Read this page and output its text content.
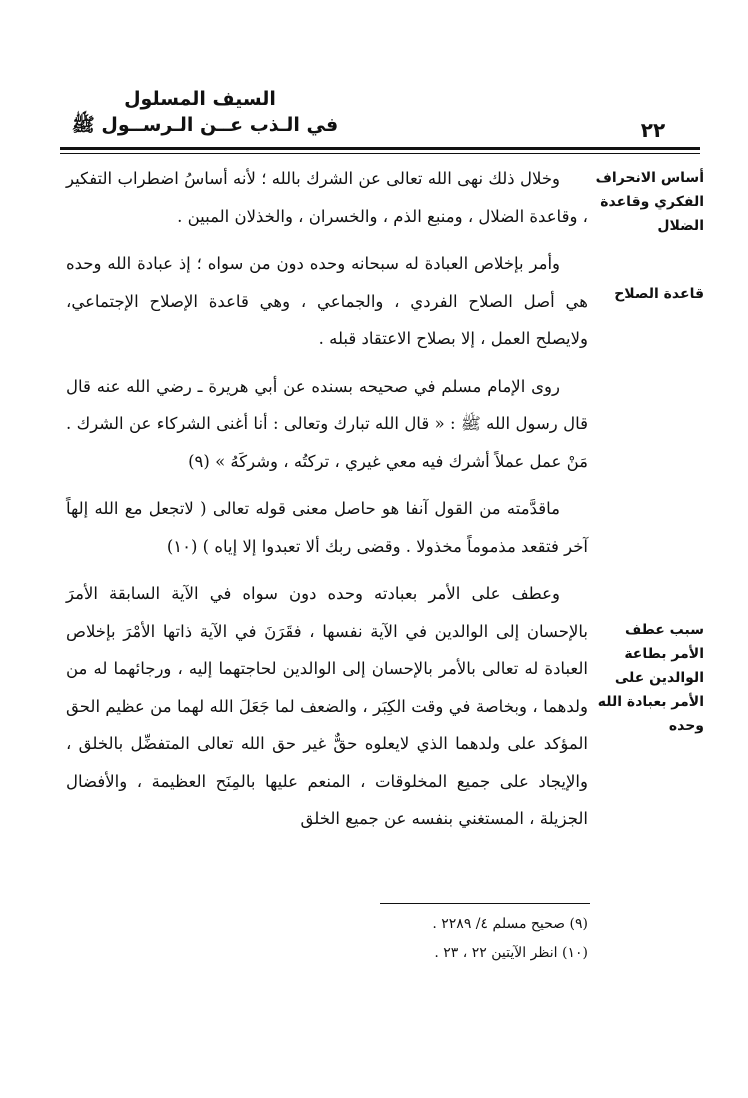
السيف المسلول
في الـذب عــن الـرســول ﷺ	٢٢
أساس الانحراف الفكري وقاعدة الضلال
قاعدة الصلاح
سبب عطف الأمر بطاعة الوالدين على الأمر بعبادة الله وحده

وخلال ذلك نهى الله تعالى عن الشرك بالله ؛ لأنه أساسُ اضطراب التفكير ، وقاعدة الضلال ، ومنبع الذم ، والخسران ، والخذلان المبين .

وأمر بإخلاص العبادة له سبحانه وحده دون من سواه ؛ إذ عبادة الله وحده هي أصل الصلاح الفردي ، والجماعي ، وهي قاعدة الإصلاح الإجتماعي، ولايصلح العمل ، إلا بصلاح الاعتقاد قبله .

روى الإمام مسلم في صحيحه بسنده عن أبي هريرة ـ رضي الله عنه قال قال رسول الله ﷺ : « قال الله تبارك وتعالى : أنا أغنى الشركاء عن الشرك . مَنْ عمل عملاً أشرك فيه معي غيري ، تركتُه ، وشركَهُ » (٩)

ماقدَّمته من القول آنفا هو حاصل معنى قوله تعالى ( لاتجعل مع الله إلهاً آخر فتقعد مذموماً مخذولا . وقضى ربك ألا تعبدوا إلا إياه ) (١٠)

وعطف على الأمر بعبادته وحده دون سواه في الآية السابقة الأمرَ بالإحسان إلى الوالدين في الآية نفسها ، فقَرَنَ في الآية ذاتها الأمْرَ بإخلاص العبادة له تعالى بالأمر بالإحسان إلى الوالدين لحاجتهما إليه ، ورجائهما له من ولدهما ، وبخاصة في وقت الكِبَر ، والضعف لما جَعَلَ الله لهما من عظيم الحق المؤكد على ولدهما الذي لايعلوه حقٌّ غير حق الله تعالى المتفضِّل بالخلق ، والإيجاد على جميع المخلوقات ، المنعم عليها بالمِنَح العظيمة ، والأفضال الجزيلة ، المستغني بنفسه عن جميع الخلق

(٩) صحيح مسلم ٤/ ٢٢٨٩ .

(١٠) انظر الآيتين ٢٢ ، ٢٣ .
